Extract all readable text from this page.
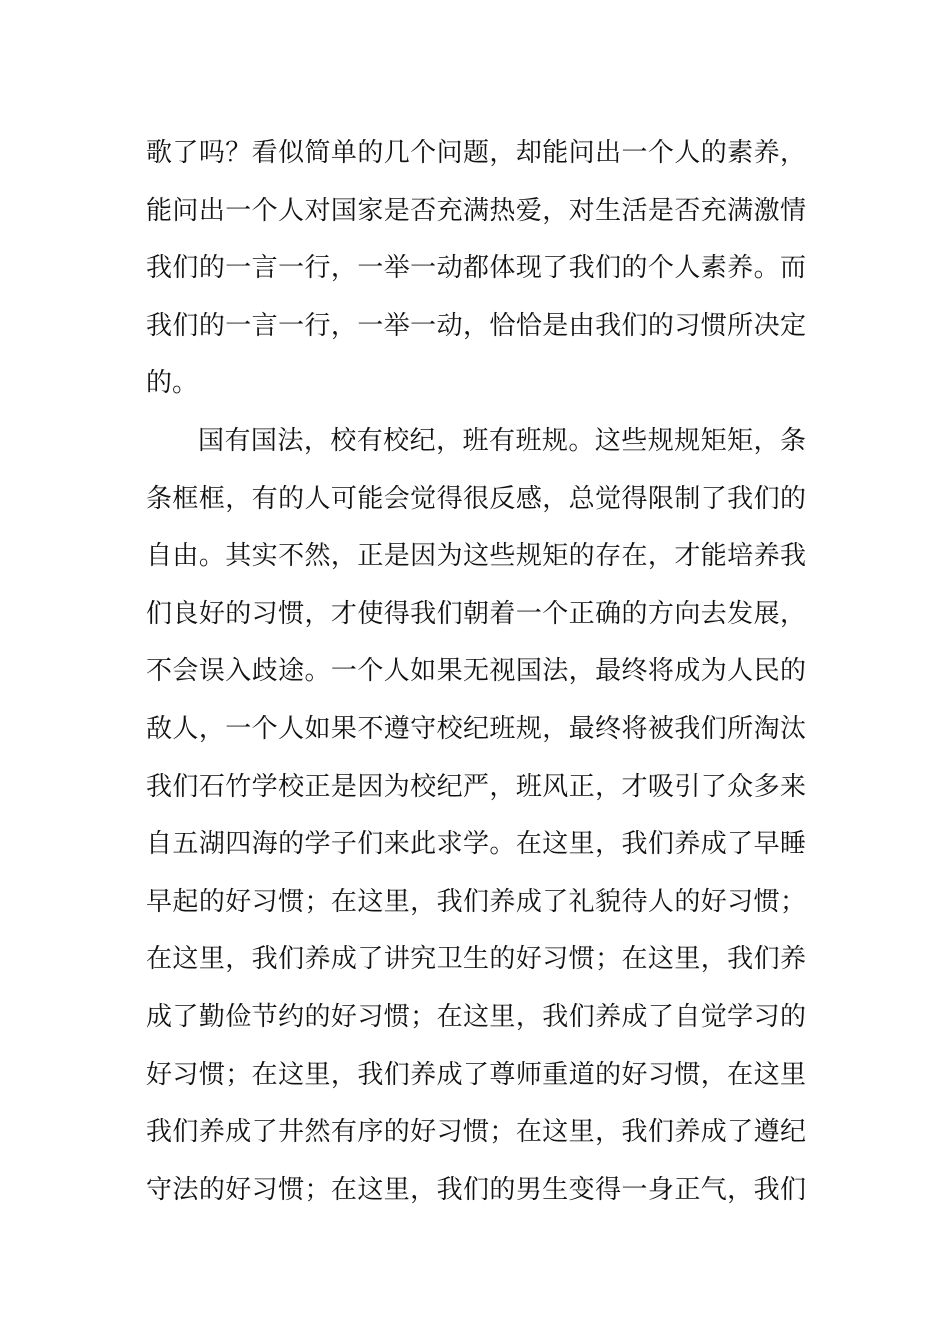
歌了吗？看似简单的几个问题，却能问出一个人的素养，
能问出一个人对国家是否充满热爱，对生活是否充满激情
我们的一言一行，一举一动都体现了我们的个人素养。而
我们的一言一行，一举一动，恰恰是由我们的习惯所决定
的。
国有国法，校有校纪，班有班规。这些规规矩矩，条
条框框，有的人可能会觉得很反感，总觉得限制了我们的
自由。其实不然，正是因为这些规矩的存在，才能培养我
们良好的习惯，才使得我们朝着一个正确的方向去发展，
不会误入歧途。一个人如果无视国法，最终将成为人民的
敌人，一个人如果不遵守校纪班规，最终将被我们所淘汰
我们石竹学校正是因为校纪严，班风正，才吸引了众多来
自五湖四海的学子们来此求学。在这里，我们养成了早睡
早起的好习惯；在这里，我们养成了礼貌待人的好习惯；
在这里，我们养成了讲究卫生的好习惯；在这里，我们养
成了勤俭节约的好习惯；在这里，我们养成了自觉学习的
好习惯；在这里，我们养成了尊师重道的好习惯，在这里
我们养成了井然有序的好习惯；在这里，我们养成了遵纪
守法的好习惯；在这里，我们的男生变得一身正气，我们
